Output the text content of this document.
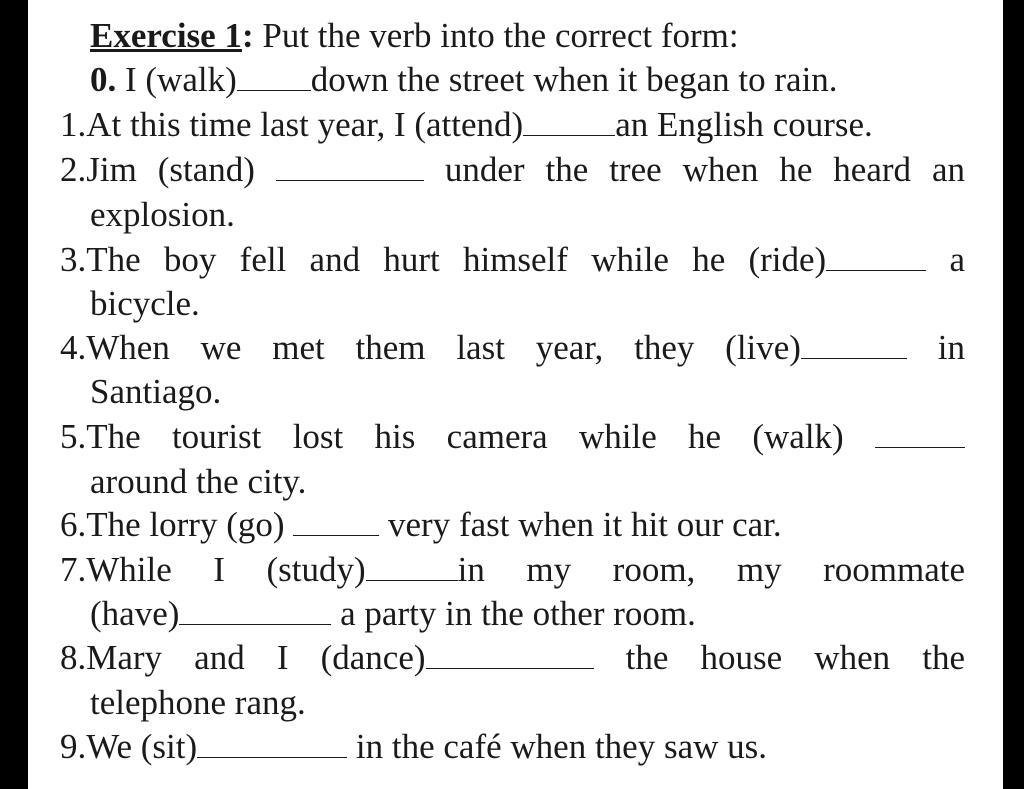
Exercise 1: Put the verb into the correct form:
0. I (walk) down the street when it began to rain.
1.At this time last year, I (attend)	an English course.
2.Jim (stand)	under the tree when he heard an
explosion.
3.The boy fell and hurt himself while he (ride)	a
bicycle.
4.When we met them last year, they (live)	in
Santiago.
5.The tourist lost his camera while he (walk)
around the city.
6.The lorry (go)	very fast when it hit our car.
7.While I (study)	in my room, my roommate
(have)	a party in the other room.
8.Mary and I (dance)	the house when the
telephone rang.
9.We (sit)	in the café when they saw us.
